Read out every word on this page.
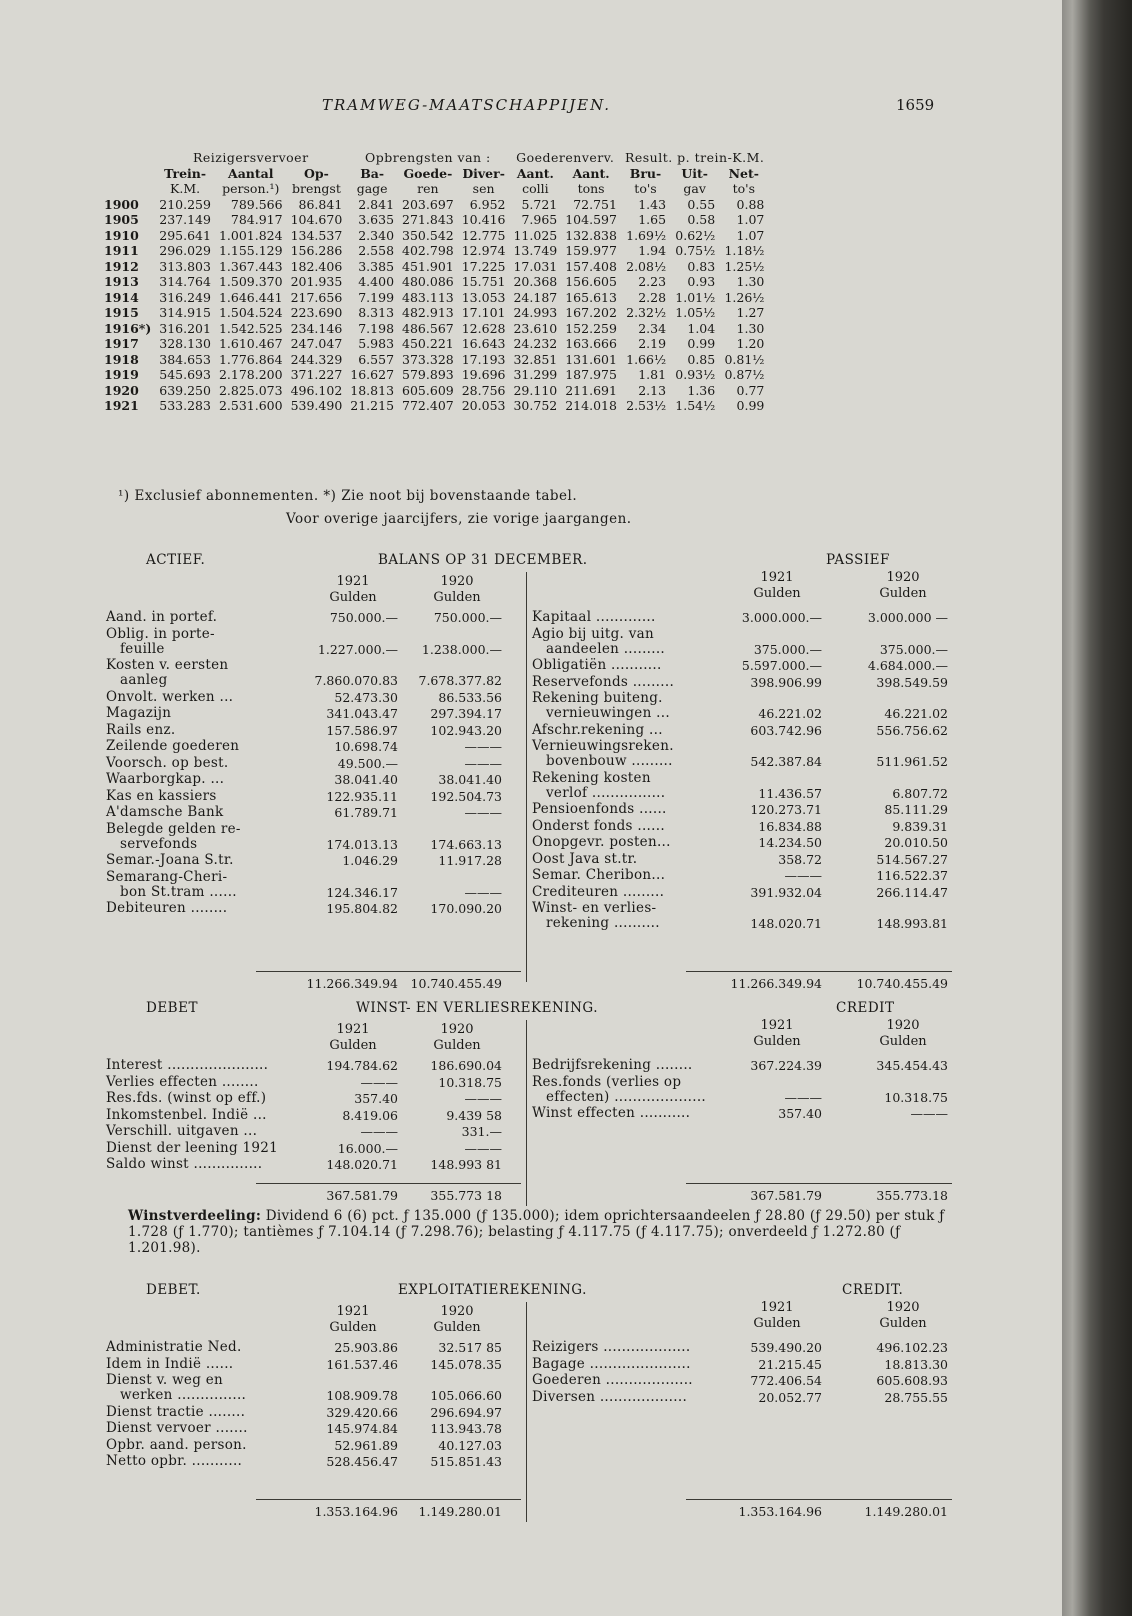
TRAMWEG-MAATSCHAPPIJEN.	1659
	Reizigersvervoer			Opbrengsten van :			Goederenverv.		Result. p. trein-K.M.		
	Trein-	Aantal	Op-	Ba-	Goede-	Diver-	Aant.	Aant.	Bru-	Uit-	Net-
	K.M.	person.¹)	brengst	gage	ren	sen	colli	tons	to's	gav	to's
1900	210.259	789.566	86.841	2.841	203.697	6.952	5.721	72.751	1.43	0.55	0.88
1905	237.149	784.917	104.670	3.635	271.843	10.416	7.965	104.597	1.65	0.58	1.07
1910	295.641	1.001.824	134.537	2.340	350.542	12.775	11.025	132.838	1.69½	0.62½	1.07
1911	296.029	1.155.129	156.286	2.558	402.798	12.974	13.749	159.977	1.94	0.75½	1.18½
1912	313.803	1.367.443	182.406	3.385	451.901	17.225	17.031	157.408	2.08½	0.83	1.25½
1913	314.764	1.509.370	201.935	4.400	480.086	15.751	20.368	156.605	2.23	0.93	1.30
1914	316.249	1.646.441	217.656	7.199	483.113	13.053	24.187	165.613	2.28	1.01½	1.26½
1915	314.915	1.504.524	223.690	8.313	482.913	17.101	24.993	167.202	2.32½	1.05½	1.27
1916*)	316.201	1.542.525	234.146	7.198	486.567	12.628	23.610	152.259	2.34	1.04	1.30
1917	328.130	1.610.467	247.047	5.983	450.221	16.643	24.232	163.666	2.19	0.99	1.20
1918	384.653	1.776.864	244.329	6.557	373.328	17.193	32.851	131.601	1.66½	0.85	0.81½
1919	545.693	2.178.200	371.227	16.627	579.893	19.696	31.299	187.975	1.81	0.93½	0.87½
1920	639.250	2.825.073	496.102	18.813	605.609	28.756	29.110	211.691	2.13	1.36	0.77
1921	533.283	2.531.600	539.490	21.215	772.407	20.053	30.752	214.018	2.53½	1.54½	0.99
¹) Exclusief abonnementen. *) Zie noot bij bovenstaande tabel.
Voor overige jaarcijfers, zie vorige jaargangen.
ACTIEF.	BALANS OP 31 DECEMBER.	PASSIEF
1921
Gulden
1920
Gulden
Aand. in portef.	750.000.—	750.000.—
Oblig. in porte-
feuille	1.227.000.—	1.238.000.—
Kosten v. eersten
aanleg	7.860.070.83	7.678.377.82
Onvolt. werken ...	52.473.30	86.533.56
Magazijn	341.043.47	297.394.17
Rails enz.	157.586.97	102.943.20
Zeilende goederen	10.698.74	———
Voorsch. op best.	49.500.—	———
Waarborgkap. ...	38.041.40	38.041.40
Kas en kassiers	122.935.11	192.504.73
A'damsche Bank	61.789.71	———
Belegde gelden re-
servefonds	174.013.13	174.663.13
Semar.-Joana S.tr.	1.046.29	11.917.28
Semarang-Cheri-
bon St.tram ......	124.346.17	———
Debiteuren ........	195.804.82	170.090.20
1921
Gulden
1920
Gulden
Kapitaal .............	3.000.000.—	3.000.000 —
Agio bij uitg. van
aandeelen .........	375.000.—	375.000.—
Obligatiën ...........	5.597.000.—	4.684.000.—
Reservefonds .........	398.906.99	398.549.59
Rekening buiteng.
vernieuwingen ...	46.221.02	46.221.02
Afschr.rekening ...	603.742.96	556.756.62
Vernieuwingsreken.
bovenbouw .........	542.387.84	511.961.52
Rekening kosten
verlof ................	11.436.57	6.807.72
Pensioenfonds ......	120.273.71	85.111.29
Onderst fonds ......	16.834.88	9.839.31
Onopgevr. posten...	14.234.50	20.010.50
Oost Java st.tr.	358.72	514.567.27
Semar. Cheribon...	———	116.522.37
Crediteuren .........	391.932.04	266.114.47
Winst- en verlies-
rekening ..........	148.020.71	148.993.81
11.266.349.94	10.740.455.49	11.266.349.94	10.740.455.49
DEBET	WINST- EN VERLIESREKENING.	CREDIT
1921
Gulden
1920
Gulden
Interest ......................	194.784.62	186.690.04
Verlies effecten ........	———	10.318.75
Res.fds. (winst op eff.)	357.40	———
Inkomstenbel. Indië ...	8.419.06	9.439 58
Verschill. uitgaven ...	———	331.—
Dienst der leening 1921	16.000.—	———
Saldo winst ...............	148.020.71	148.993 81
1921
Gulden
1920
Gulden
Bedrijfsrekening ........	367.224.39	345.454.43
Res.fonds (verlies op
effecten) ....................	———	10.318.75
Winst effecten ...........	357.40	———
367.581.79	355.773 18	367.581.79	355.773.18
Winstverdeeling: Dividend 6 (6) pct. ƒ 135.000 (ƒ 135.000); idem oprichtersaandeelen ƒ 28.80 (ƒ 29.50) per stuk ƒ 1.728 (ƒ 1.770); tantièmes ƒ 7.104.14 (ƒ 7.298.76); belasting ƒ 4.117.75 (ƒ 4.117.75); onverdeeld ƒ 1.272.80 (ƒ 1.201.98).
DEBET.	EXPLOITATIEREKENING.	CREDIT.
1921
Gulden
1920
Gulden
Administratie Ned.	25.903.86	32.517 85
Idem in Indië ......	161.537.46	145.078.35
Dienst v. weg en
werken ...............	108.909.78	105.066.60
Dienst tractie ........	329.420.66	296.694.97
Dienst vervoer .......	145.974.84	113.943.78
Opbr. aand. person.	52.961.89	40.127.03
Netto opbr. ...........	528.456.47	515.851.43
1921
Gulden
1920
Gulden
Reizigers ...................	539.490.20	496.102.23
Bagage ......................	21.215.45	18.813.30
Goederen ...................	772.406.54	605.608.93
Diversen ...................	20.052.77	28.755.55
1.353.164.96	1.149.280.01	1.353.164.96	1.149.280.01
